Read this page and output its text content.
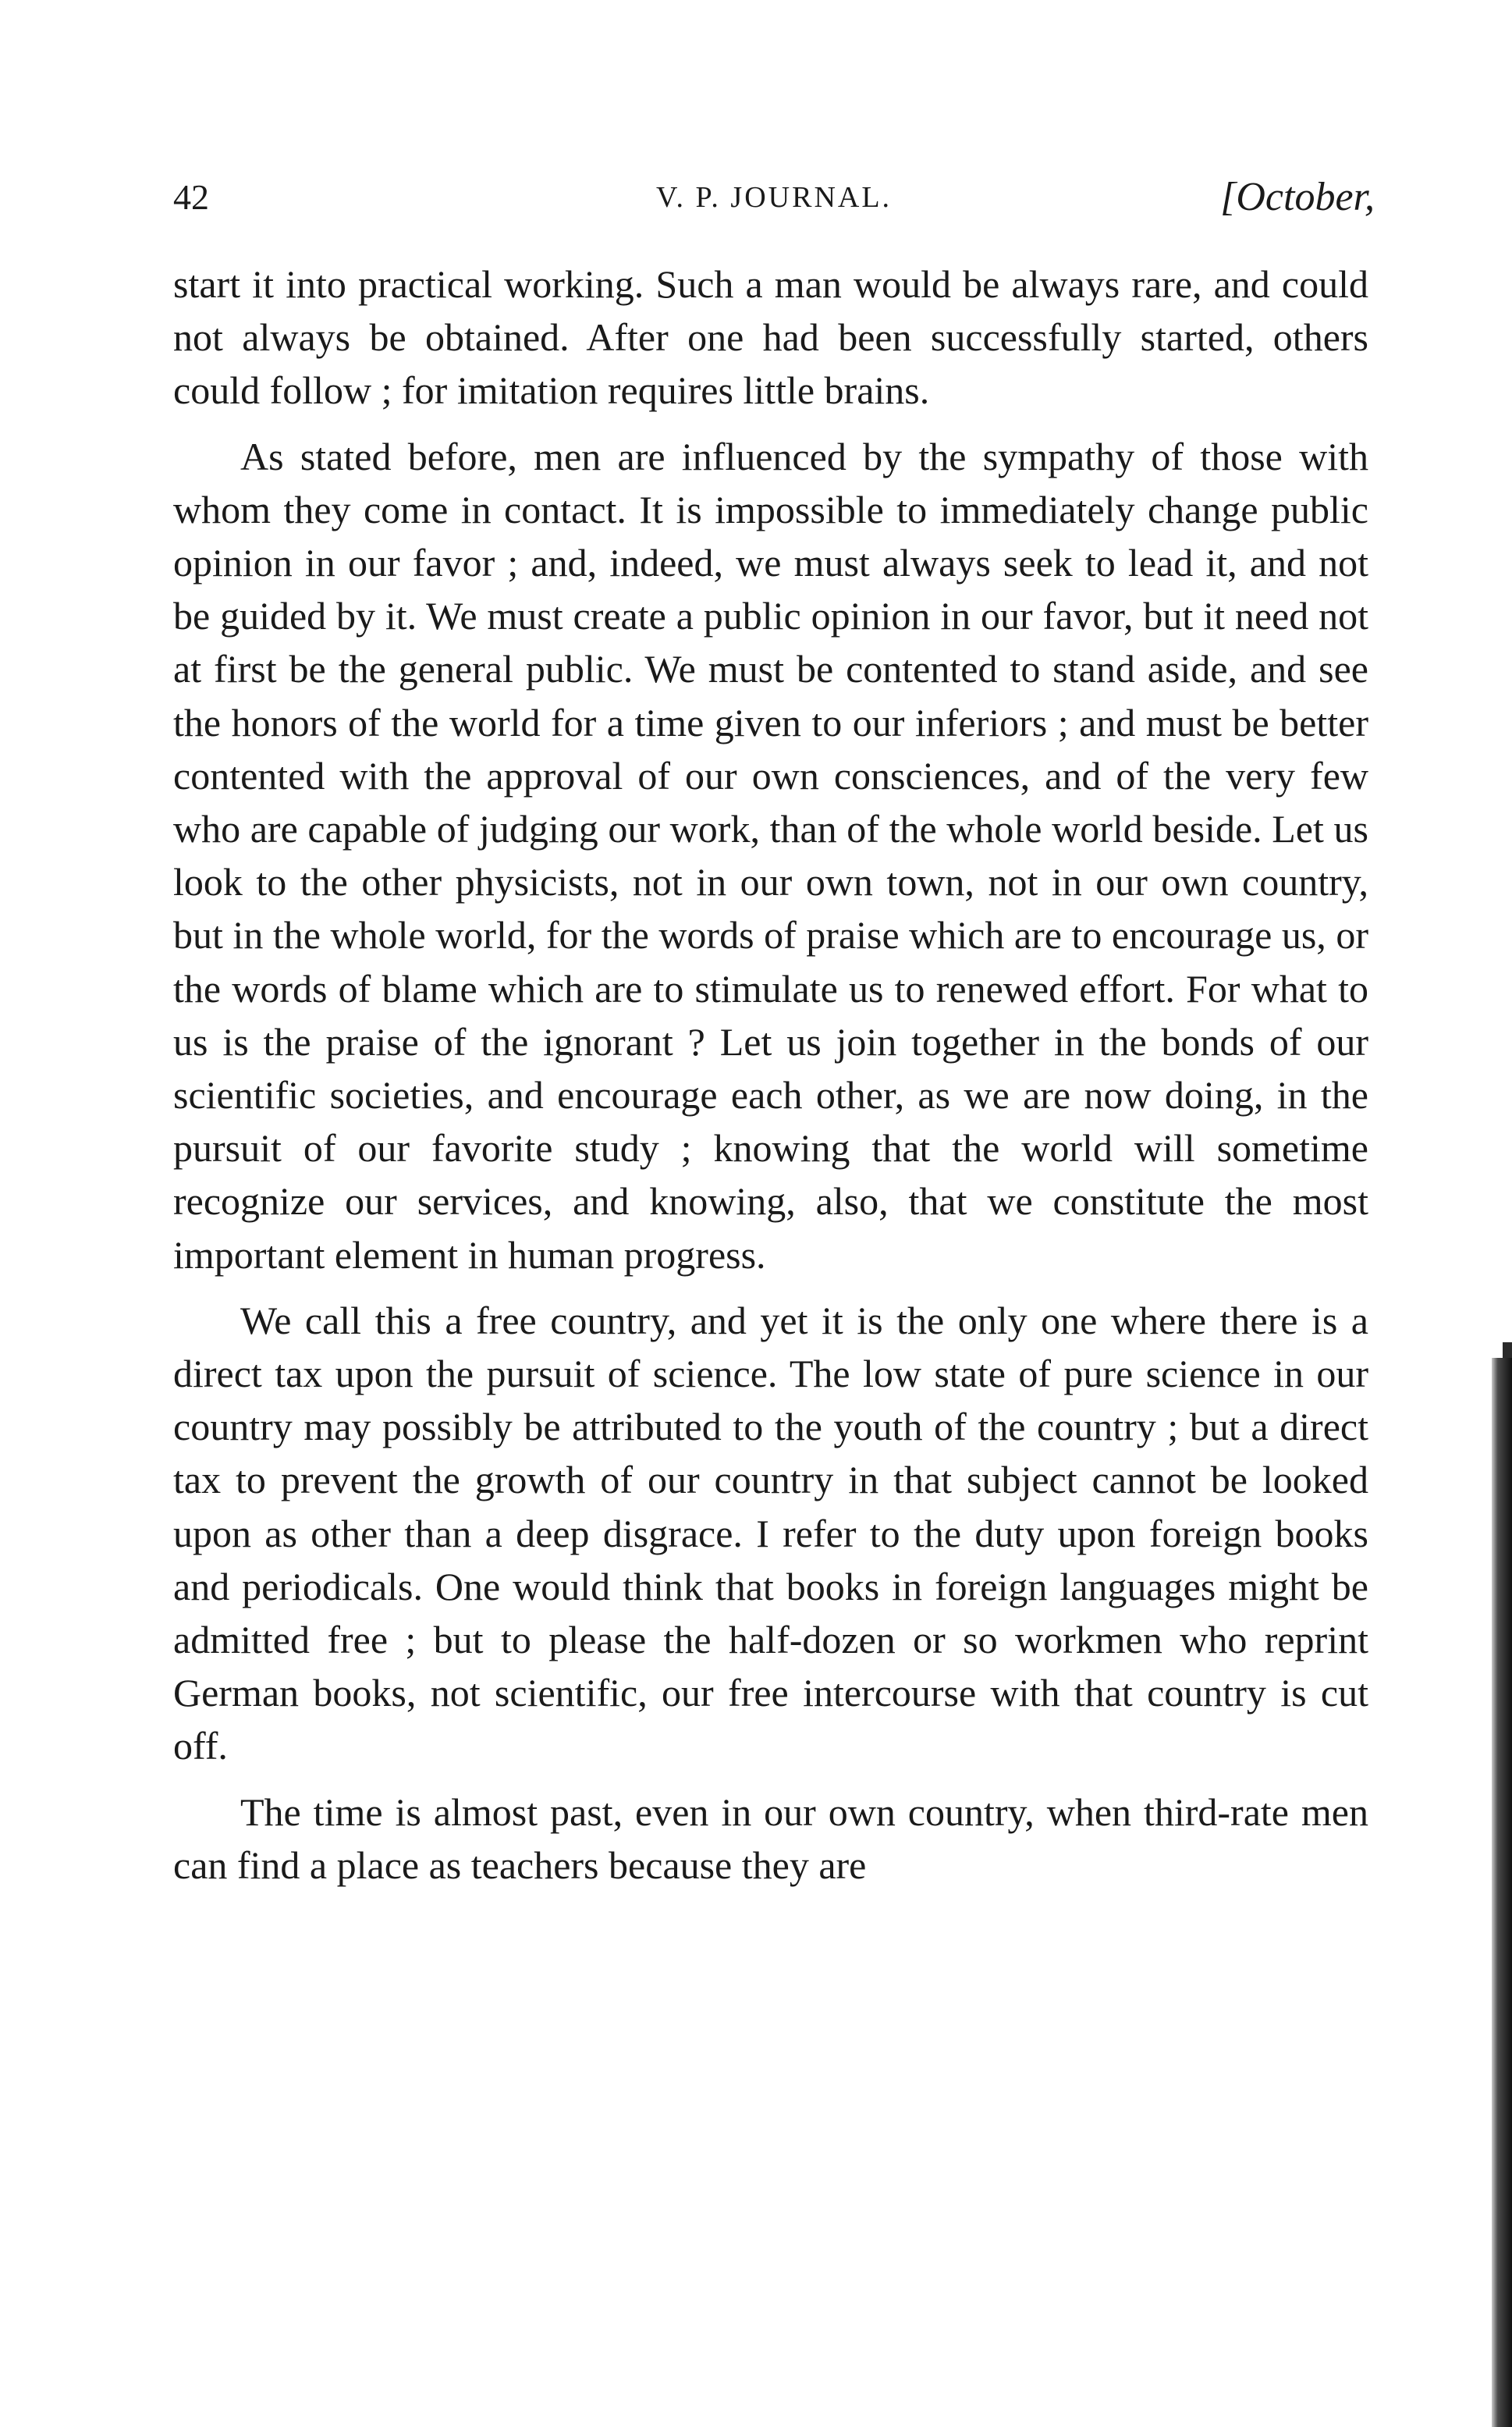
42	V. P. JOURNAL.	[October,

start it into practical working. Such a man would be always rare, and could not always be obtained. After one had been successfully started, others could follow ; for imitation requires little brains.

As stated before, men are influenced by the sympathy of those with whom they come in contact. It is impossible to immediately change public opinion in our favor ; and, indeed, we must always seek to lead it, and not be guided by it. We must create a public opinion in our favor, but it need not at first be the general public. We must be contented to stand aside, and see the honors of the world for a time given to our inferiors ; and must be better contented with the approval of our own consciences, and of the very few who are capable of judging our work, than of the whole world beside. Let us look to the other physicists, not in our own town, not in our own country, but in the whole world, for the words of praise which are to encourage us, or the words of blame which are to stimulate us to renewed effort. For what to us is the praise of the ignorant ? Let us join together in the bonds of our scientific societies, and encourage each other, as we are now doing, in the pursuit of our favorite study ; knowing that the world will sometime recognize our services, and knowing, also, that we constitute the most important element in human progress.

We call this a free country, and yet it is the only one where there is a direct tax upon the pursuit of science. The low state of pure science in our country may possibly be attributed to the youth of the country ; but a direct tax to prevent the growth of our country in that subject cannot be looked upon as other than a deep disgrace. I refer to the duty upon foreign books and periodicals. One would think that books in foreign languages might be admitted free ; but to please the half-dozen or so workmen who reprint German books, not scientific, our free intercourse with that country is cut off.

The time is almost past, even in our own country, when third-rate men can find a place as teachers because they are
